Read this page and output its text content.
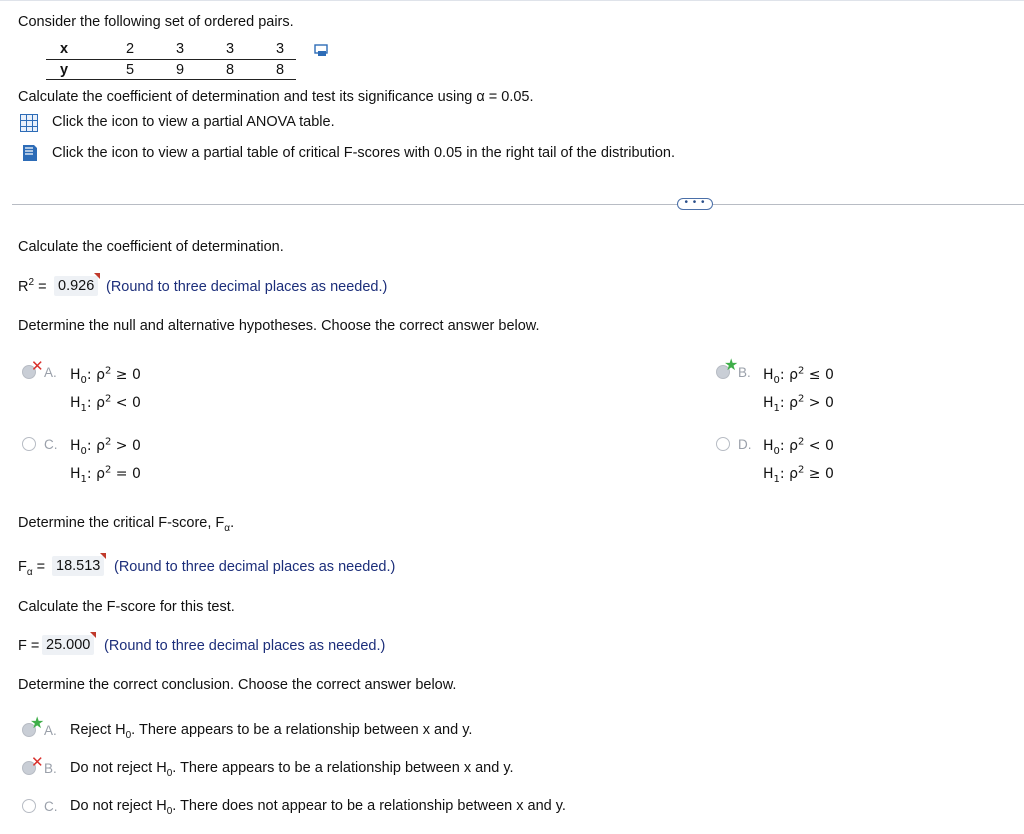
Consider the following set of ordered pairs.
x	2	3	3	3
y	5	9	8	8
Calculate the coefficient of determination and test its significance using α = 0.05.
Click the icon to view a partial ANOVA table.
Click the icon to view a partial table of critical F-scores with 0.05 in the right tail of the distribution.
• • •
Calculate the coefficient of determination.
$R^2 = 0.926$ (Round to three decimal places as needed.)
Determine the null and alternative hypotheses. Choose the correct answer below.
✕ A. $H_0$: $\rho^2 \ge 0$
$H_1$: $\rho^2 < 0$
★ B. $H_0$: $\rho^2 \le 0$
$H_1$: $\rho^2 > 0$
C. $H_0$: $\rho^2 > 0$
$H_1$: $\rho^2 = 0$
D. $H_0$: $\rho^2 < 0$
$H_1$: $\rho^2 \ge 0$
Determine the critical F-score, $F_\alpha$.
$F_\alpha = 18.513$ (Round to three decimal places as needed.)
Calculate the F-score for this test.
F = 25.000 (Round to three decimal places as needed.)
Determine the correct conclusion. Choose the correct answer below.
★ A. Reject $H_0$. There appears to be a relationship between x and y.
✕ B. Do not reject $H_0$. There appears to be a relationship between x and y.
C. Do not reject $H_0$. There does not appear to be a relationship between x and y.
